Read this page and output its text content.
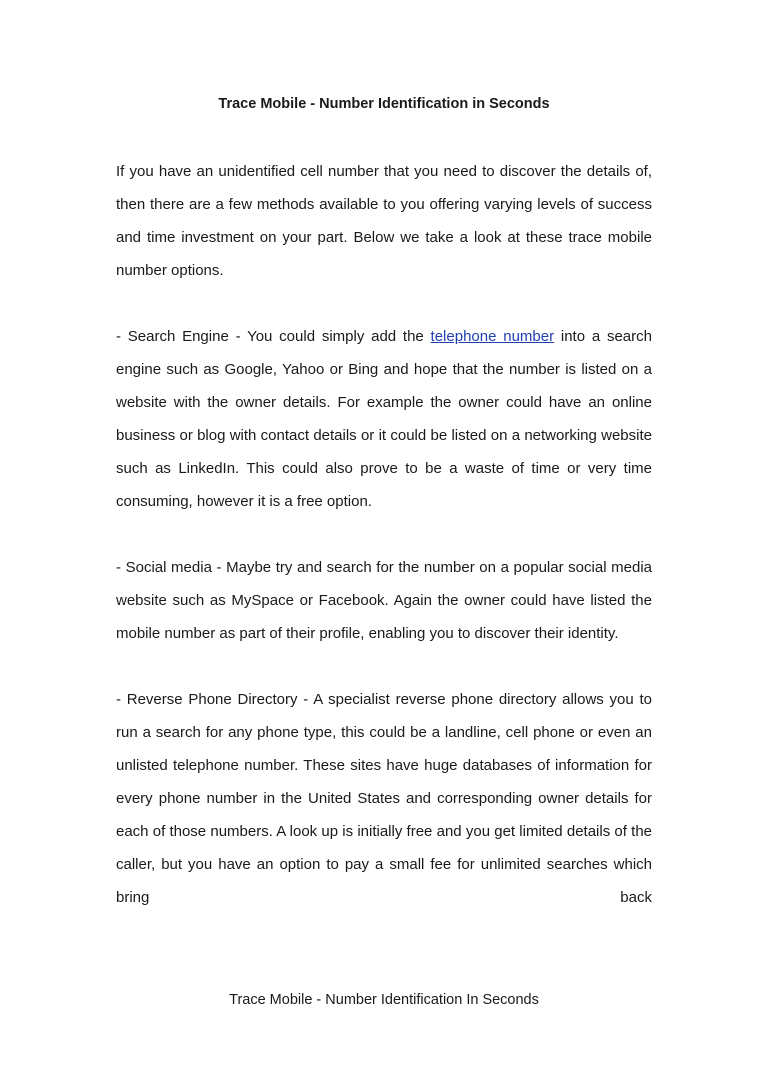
Trace Mobile - Number Identification in Seconds

If you have an unidentified cell number that you need to discover the details of, then there are a few methods available to you offering varying levels of success and time investment on your part. Below we take a look at these trace mobile number options.

- Search Engine - You could simply add the telephone number into a search engine such as Google, Yahoo or Bing and hope that the number is listed on a website with the owner details. For example the owner could have an online business or blog with contact details or it could be listed on a networking website such as LinkedIn. This could also prove to be a waste of time or very time consuming, however it is a free option.

- Social media - Maybe try and search for the number on a popular social media website such as MySpace or Facebook. Again the owner could have listed the mobile number as part of their profile, enabling you to discover their identity.

- Reverse Phone Directory - A specialist reverse phone directory allows you to run a search for any phone type, this could be a landline, cell phone or even an unlisted telephone number. These sites have huge databases of information for every phone number in the United States and corresponding owner details for each of those numbers. A look up is initially free and you get limited details of the caller, but you have an option to pay a small fee for unlimited searches which bring back

Trace Mobile - Number Identification In Seconds
